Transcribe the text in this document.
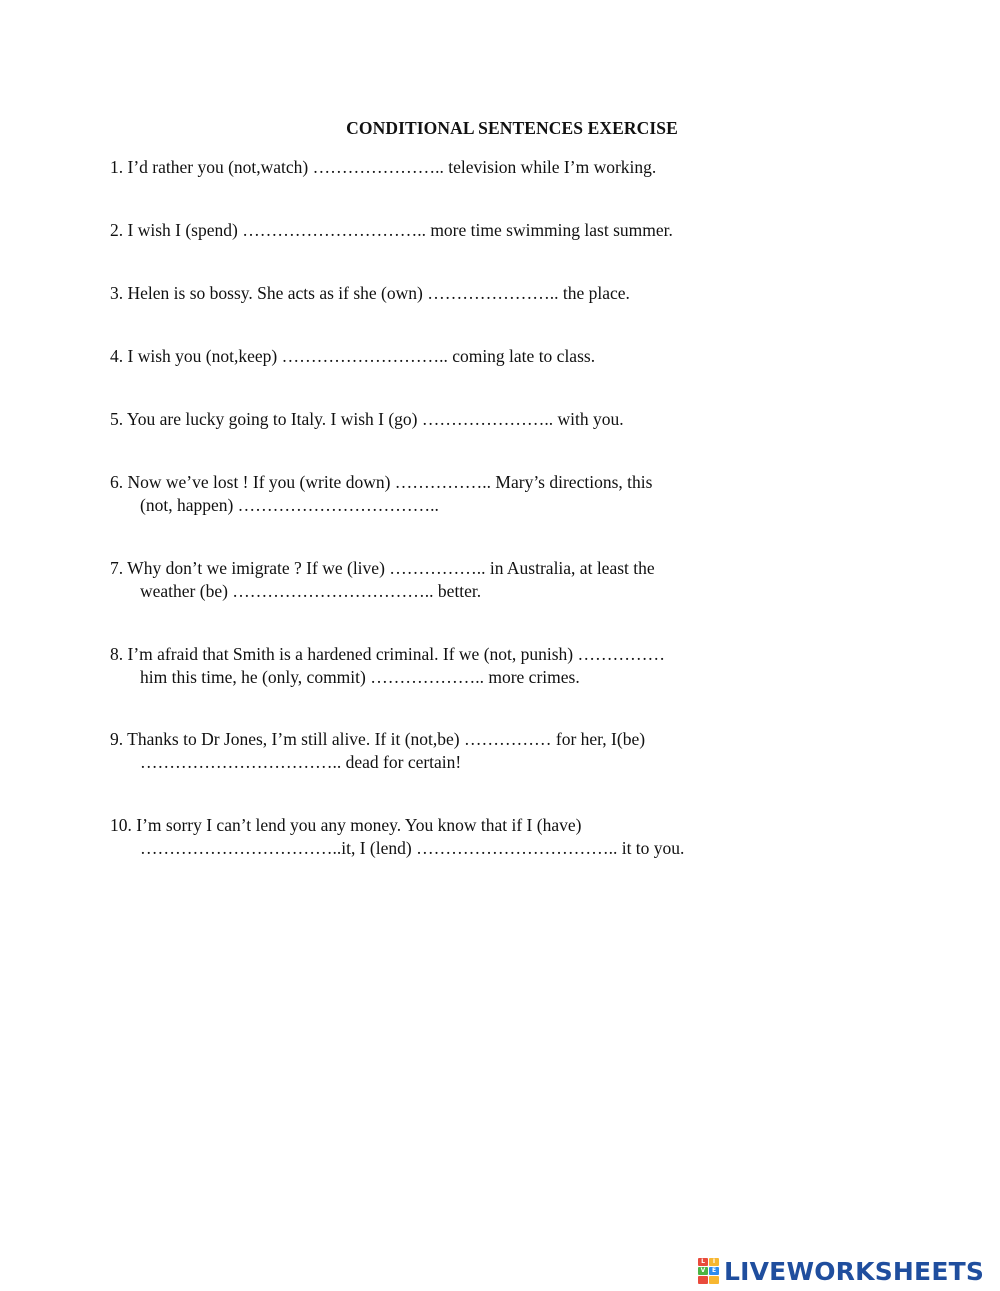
CONDITIONAL SENTENCES EXERCISE
1. I’d rather you (not,watch) ………………….. television while I’m working.
2. I wish I (spend) ………………………….. more time swimming last summer.
3. Helen is so bossy. She acts as if she (own) ………………….. the place.
4. I wish you (not,keep) ……………………….. coming late to class.
5. You are lucky going to Italy. I wish I (go) ………………….. with you.
6. Now we’ve lost ! If you (write down) …………….. Mary’s directions, this
(not, happen) ……………………………..
7. Why don’t we imigrate ? If we (live) …………….. in Australia, at least the
weather (be) …………………………….. better.
8. I’m afraid that Smith is a hardened criminal. If we (not, punish) ……………
him this time, he (only, commit) ……………….. more crimes.
9. Thanks to Dr Jones, I’m still alive. If it (not,be) …………… for her, I(be)
…………………………….. dead for certain!
10. I’m sorry I can’t lend you any money. You know that if I (have)
……………………………..it, I (lend) …………………………….. it to you.
L	I
V	E LIVEWORKSHEETS
